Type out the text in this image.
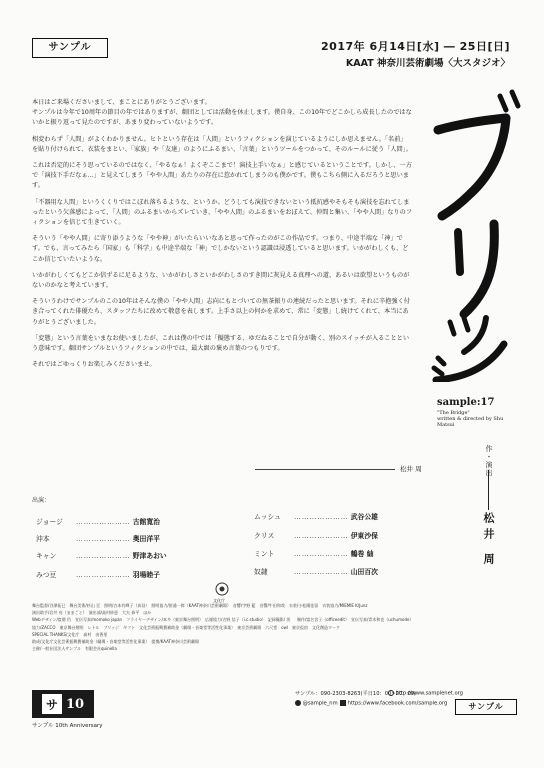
サンプル	2017年 6月14日[水] ― 25日[日]
KAAT 神奈川芸術劇場〈大スタジオ〉

本日はご来場くださいまして、まことにありがとうございます。

サンプルは今年で10周年の節目の年ではありますが、劇団としては活動を休止します。僕自身、この10年でどこかしら成長したのではないかと振り返って見たのですが、あまり変わっていないようです。

相変わらず「人間」がよくわかりません。ヒトという存在は「人間」というフィクションを演じているようにしか思えません。「名前」を貼り付けられて、衣装をまとい、「家族」や「友達」のようにふるまい、「言葉」というツールをつかって、そのルールに従う「人間」。

これは否定的にそう思っているのではなく、「やるなぁ！よくぞここまで！演技上手いなぁ」と感じているということです。しかし、一方で「演技下手だなぁ…」と見えてしまう「やや人間」あたりの存在に惹かれてしまうのも僕かです。僕もこちら側に入るだろうと思います。

「不器用な人間」というくくりではこぼれ落ちるような、というか。どうしても演技できないという抵抗感やそもそも演技を忘れてしまったという欠落感によって、「人間」のふるまいからズレていき、「やや人間」のふるまいをおぼえて、仲間と集い、「やや人間」なりのフィクションを信じて生きていく。

そういう「やや人間」に寄り添うような「やや神」がいたらいいなあと思って作ったのがこの作品です。つまり、中途半端な「神」です。でも、言ってみたら「国家」も「科学」も中途半端な「神」でしかないという認識は浸透していると思います。いかがわしくも、どこか信じていたいような。

いかがわしくてもどこか信ずるに足るような、いかがわしさといかがわしさのすき間に灰見える真理への道、あるいは欲望というものがないのかなと考えています。

そういうわけでサンプルのこの10年はそんな僕の「やや人間」志向にもとづいての無茶振りの連続だったと思います。それに辛抱強く付き合ってくれた俳優たち、スタッフたちに改めて敬意を表します。上手さ以上の何かを求めて、常に「変態」し続けてくれて、本当にありがとうございました。

「変態」という言葉をいまなお使いましたが、これは僕の中では「擬態する、ゆだねることで自分が動く、別のスイッチが入ることという意味です。劇団サンプルというフィクションの中では、最大級の褒め言葉のつもりです。

それではごゆっくりお楽しみくださいませ。

松井 周
sample:17
"The Bridge"
written & directed by Shu Matsui
作・演出
松井 周
出演：
ジョージ ………………… 古館寛治
沖本	………………… 奥田洋平
キャン	………………… 野津あおい
みつ豆	………………… 羽場睦子
ムッシュ ………………… 武谷公雄
クリス	………………… 伊東沙保
ミント	………………… 鶴巻 紬
奴隷	………………… 山田百次
舞台監督/谷澤拓巳　舞台美術/杉山 至　照明/吉本有輝子（真昼）　照明協力/笹浦一郎（KAAT神奈川芸術劇場）　音響/宇野 藍　音響/牛田和哉　衣装/小松陽佳留　衣装協力/MIEMIE K/Junz
演出助手/岩井 亮（ままごと）　演出部/高村紗恵　大矢 恭平　ほか
Webデザイン/富暦 仍　宣伝写真/momoko japan　フライヤーデザイン/本多（東京舞台照明）　広報協力/吉野 信子（i.c.studio）　記録撮影/ 茨 　 制作/富名宮子（officeedit）　宣伝写真/青木和也（uchumode）
協力/ZACCO　東京舞台照明　レトル　ブリッジ　ギフト　文化芸術振興費補助金（劇場・音楽堂等活性化事業）　東京芸術劇場　六尺堂　owl　東京仮宿　文化創造ワーク
SPECIAL THANKS/文化庁　髙村　由香里
助成/文化庁文化芸術振興費補助金（劇場・音楽堂等活性化事業）　提携/KAAT神奈川芸術劇場
主催/一般社団法人サンプル　有限会社quinella
文化庁
サ 10
サンプル 10th Anniversary
サンプル：090-2303-8263(平日10：00~20：00)
@sample_nm
http://www.samplenet.org
https://www.facebook.com/sample.org	サンプル
